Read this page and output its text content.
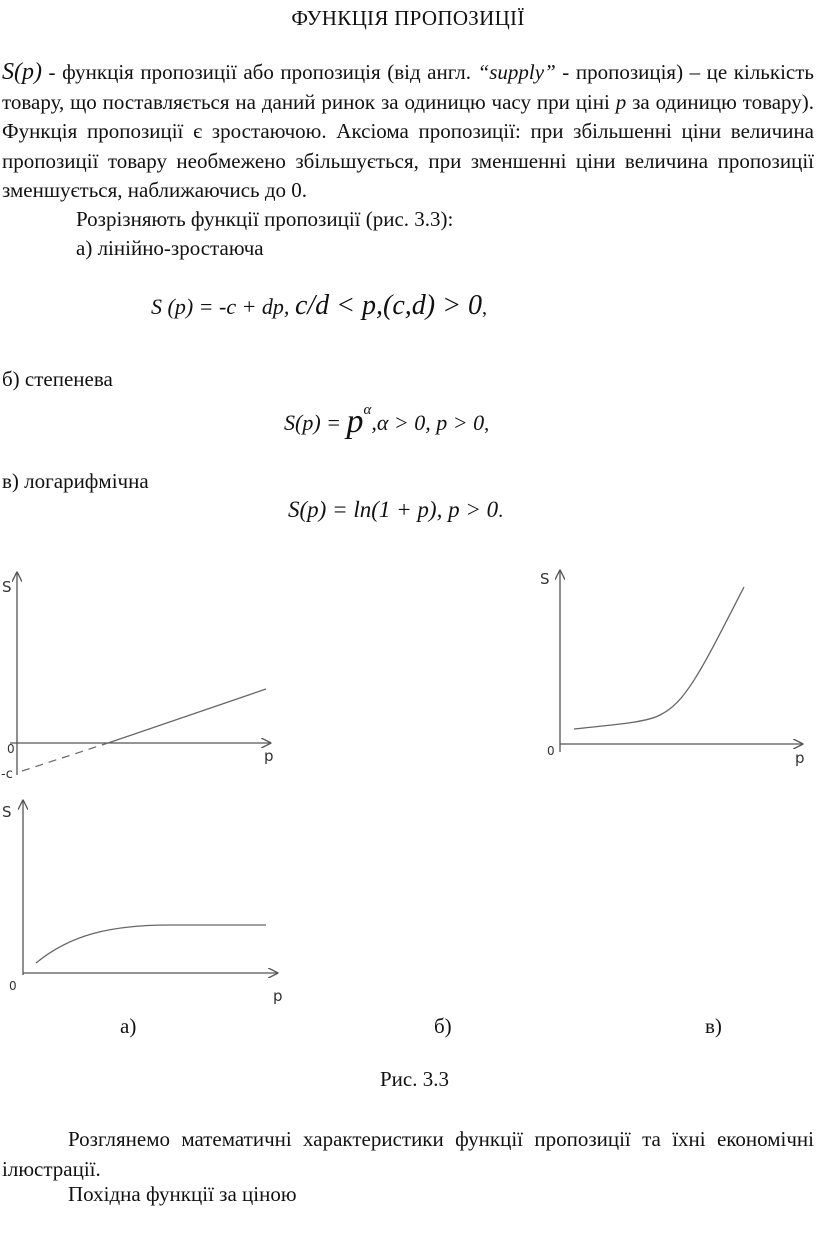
ФУНКЦІЯ ПРОПОЗИЦІЇ
S(p) - функція пропозиції або пропозиція (від англ. “supply” - пропозиція) – це кількість товару, що поставляється на даний ринок за одиницю часу при ціні p за одиницю товару). Функція пропозиції є зростаючою. Аксіома пропозиції: при збільшенні ціни величина пропозиції товару необмежено збільшується, при зменшенні ціни величина пропозиції зменшується, наближаючись до 0.
Розрізняють функції пропозиції (рис. 3.3):
а) лінійно-зростаюча
S (p) = -c + dp, c/d < p,(c,d) > 0,
б) степенева
$S(p) = p^\alpha,\alpha > 0$, p > 0,
в) логарифмічна
S(p) = ln(1 + p), p > 0.
S
p
0
-c
S
p
0
S
p
0
а)	б)	в)
Рис. 3.3
Розглянемо математичні характеристики функції пропозиції та їхні економічні ілюстрації.
Похідна функції за ціною
